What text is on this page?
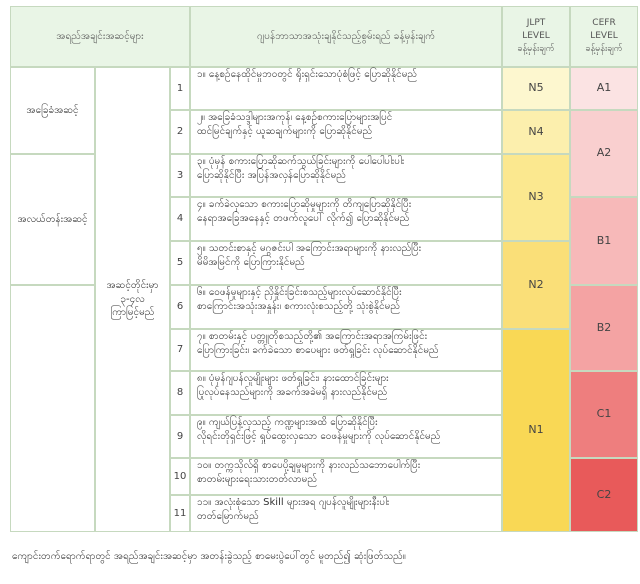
အရည်အချင်းအဆင့်များ	ဂျပန်ဘာသာအသုံးချနိုင်သည့်စွမ်းရည် ခန့်မှန်းချက်
JLPT
LEVEL
ခန့်မှန်းချက်
CEFR
LEVEL
ခန့်မှန်းချက်
အခြေခံအဆင့်
အလယ်တန်းအဆင့်
အဆင့်တိုင်းမှာ
၃-၄လ
ကြာမြင့်မည်
1
၁။ နေ့စဉ်နေထိုင်မှုဘဝတွင် ရိုးရှင်းသောပုံစံဖြင့် ပြောဆိုနိုင်မည်
2
၂။ အခြေခံသဒ္ဒါများအကုန်၊ နေ့စဉ်စကားပြောများအပြင်
ထင်မြင်ချက်နှင့် ယူဆချက်များကို ပြောဆိုနိုင်မည်
3
၃။ ပုံမှန် စကားပြောဆိုဆက်သွယ်ခြင်းများကို ပေါပေါပါးပါး
ပြောဆိုနိုင်ပြီး အပြန်အလှန်ပြောဆိုနိုင်မည်
4
၄။ ခက်ခဲလှသော စကားပြောဆိုမှုများကို တိကျပြောဆိုနိုင်ပြီး
နေရာအခြေအနေနှင့် တဖက်လူပေါ် လိုက်၍ ပြောဆိုနိုင်မည်
5
၅။ သတင်းစာနှင့် မဂ္ဂဇင်းပါ အကြောင်းအရာများကို နားလည်ပြီး
မိမိအမြင်ကို ပြောကြားနိုင်မည်
6
၆။ ဝေဖန်မှုများနှင့် ညှိနှိုင်းခြင်းစသည့်များလုပ်ဆောင်နိုင်ပြီး
စာကြောင်းအသုံးအနှုန်း၊ စကားလုံးစသည့်တို့ သုံးစွဲနိုင်မည်
7
၇။ စာတမ်းနှင့် ပတ္တူတိုစသည့်တို့၏ အကြောင်းအရာအကြမ်းဖြင်း
ပြောကြားခြင်း၊ ခက်ခဲသော စာပေများ ဖတ်ရှုခြင်း လုပ်ဆောင်နိုင်မည်
8
၈။ ပုံမှန်ဂျပန်လူမျိုးများ ဖတ်ရှုခြင်း၊ နားထောင်ခြင်းများ
ပြုလုပ်နေသည်များကို အခက်အခဲမရှိ နားလည်နိုင်မည်
9
၉။ ကျယ်ပြန့်လှသည့် ကဏ္ဍများအထိ ပြောဆိုနိုင်ပြီး
လိုရင်းတိုရှင်းဖြင့် ရှုပ်ထွေးလှသော ဝေဖန်မှုများကို လုပ်ဆောင်နိုင်မည်
10
၁၀။ တက္ကသိုလ်ရှိ စာပေပို့ချမှုများကို နားလည်သဘောပေါက်ပြီး
စာတမ်းများရေးသားတတ်လာမည်
11
၁၁။ အလုံးစုံသော Skill များအရ ဂျပန်လူမျိုးများနီးပါး
တတ်မြောက်မည်
N5
N4
N3
N2
N1
A1
A2
B1
B2
C1
C2
ကျောင်းတက်ရောက်ရာတွင် အရည်အချင်းအဆင့်မှာ အတန်းခွဲသည့် စာမေးပွဲပေါ်တွင် မူတည်၍ ဆုံးဖြတ်သည်။
